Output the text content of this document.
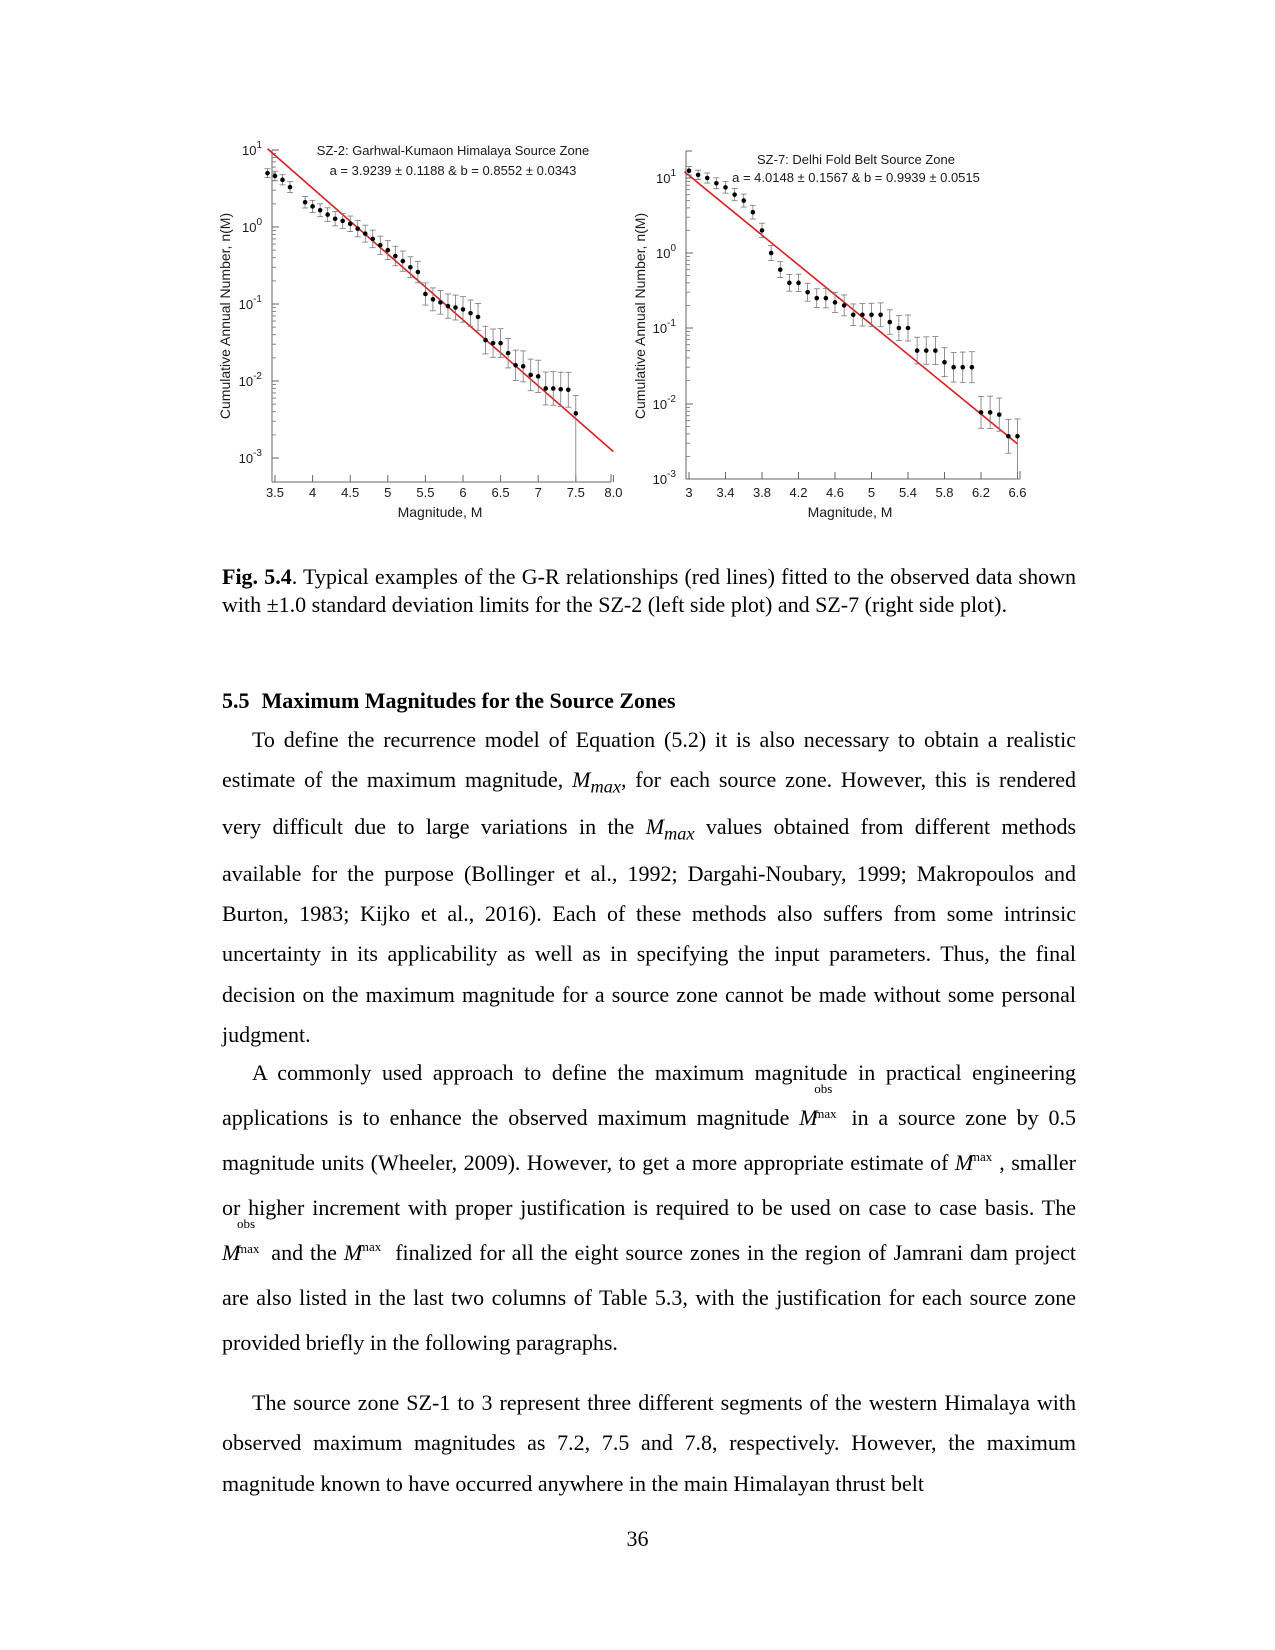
3.5 4 4.5 5 5.5 6 6.5 7 7.5 8.0
Magnitude, M
Cumulative Annual Number, n(M)
SZ-2: Garhwal-Kumaon Himalaya Source Zone
a = 3.9239 ± 0.1188 & b = 0.8552 ± 0.0343
$10^1$
$10^0$
$10^{-1}$
$10^{-2}$
$10^{-3}$
3 3.4 3.8 4.2 4.6 5 5.4 5.8 6.2 6.6
Magnitude, M
Cumulative Annual Number, n(M)
SZ-7: Delhi Fold Belt Source Zone
a = 4.0148 ± 0.1567 & b = 0.9939 ± 0.0515
$10^1$
$10^0$
$10^{-1}$
$10^{-2}$
$10^{-3}$
Fig. 5.4. Typical examples of the G-R relationships (red lines) fitted to the observed data shown with ±1.0 standard deviation limits for the SZ-2 (left side plot) and SZ-7 (right side plot).
5.5 Maximum Magnitudes for the Source Zones
To define the recurrence model of Equation (5.2) it is also necessary to obtain a realistic estimate of the maximum magnitude, $M_{max}$, for each source zone. However, this is rendered very difficult due to large variations in the $M_{max}$ values obtained from different methods available for the purpose (Bollinger et al., 1992; Dargahi-Noubary, 1999; Makropoulos and Burton, 1983; Kijko et al., 2016). Each of these methods also suffers from some intrinsic uncertainty in its applicability as well as in specifying the input parameters. Thus, the final decision on the maximum magnitude for a source zone cannot be made without some personal judgment.
A commonly used approach to define the maximum magnitude in practical engineering applications is to enhance the observed maximum magnitude M
obs
max in a source zone by 0.5 magnitude units (Wheeler, 2009). However, to get a more appropriate estimate of M
max , smaller or higher increment with proper justification is required to be used on case to case basis. The M
obs
max and the M
max finalized for all the eight source zones in the region of Jamrani dam project are also listed in the last two columns of Table 5.3, with the justification for each source zone provided briefly in the following paragraphs.
The source zone SZ-1 to 3 represent three different segments of the western Himalaya with observed maximum magnitudes as 7.2, 7.5 and 7.8, respectively. However, the maximum magnitude known to have occurred anywhere in the main Himalayan thrust belt
36
